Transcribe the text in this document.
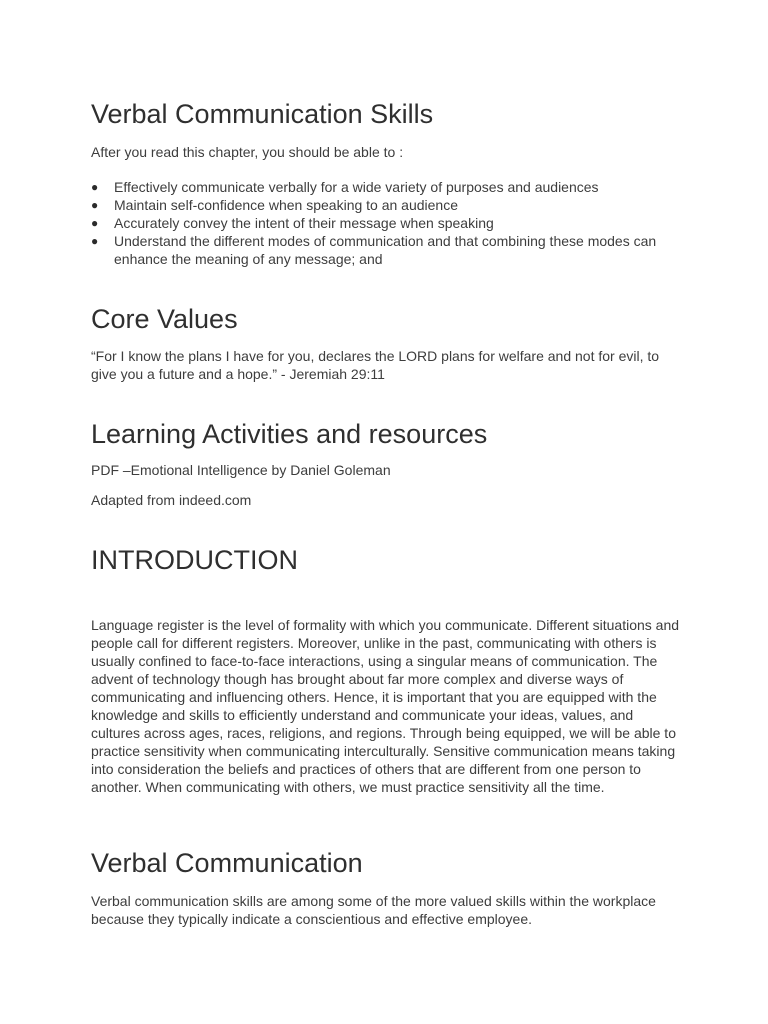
Verbal Communication Skills

After you read this chapter, you should be able to :

● Effectively communicate verbally for a wide variety of purposes and audiences
● Maintain self-confidence when speaking to an audience
● Accurately convey the intent of their message when speaking
● Understand the different modes of communication and that combining these modes can enhance the meaning of any message; and
Core Values

“For I know the plans I have for you, declares the LORD plans for welfare and not for evil, to give you a future and a hope.” - Jeremiah 29:11

Learning Activities and resources

PDF –Emotional Intelligence by Daniel Goleman

Adapted from indeed.com

INTRODUCTION

Language register is the level of formality with which you communicate. Different situations and people call for different registers. Moreover, unlike in the past, communicating with others is usually confined to face-to-face interactions, using a singular means of communication. The advent of technology though has brought about far more complex and diverse ways of communicating and influencing others. Hence, it is important that you are equipped with the knowledge and skills to efficiently understand and communicate your ideas, values, and cultures across ages, races, religions, and regions. Through being equipped, we will be able to practice sensitivity when communicating interculturally. Sensitive communication means taking into consideration the beliefs and practices of others that are different from one person to another. When communicating with others, we must practice sensitivity all the time.

Verbal Communication

Verbal communication skills are among some of the more valued skills within the workplace because they typically indicate a conscientious and effective employee.
